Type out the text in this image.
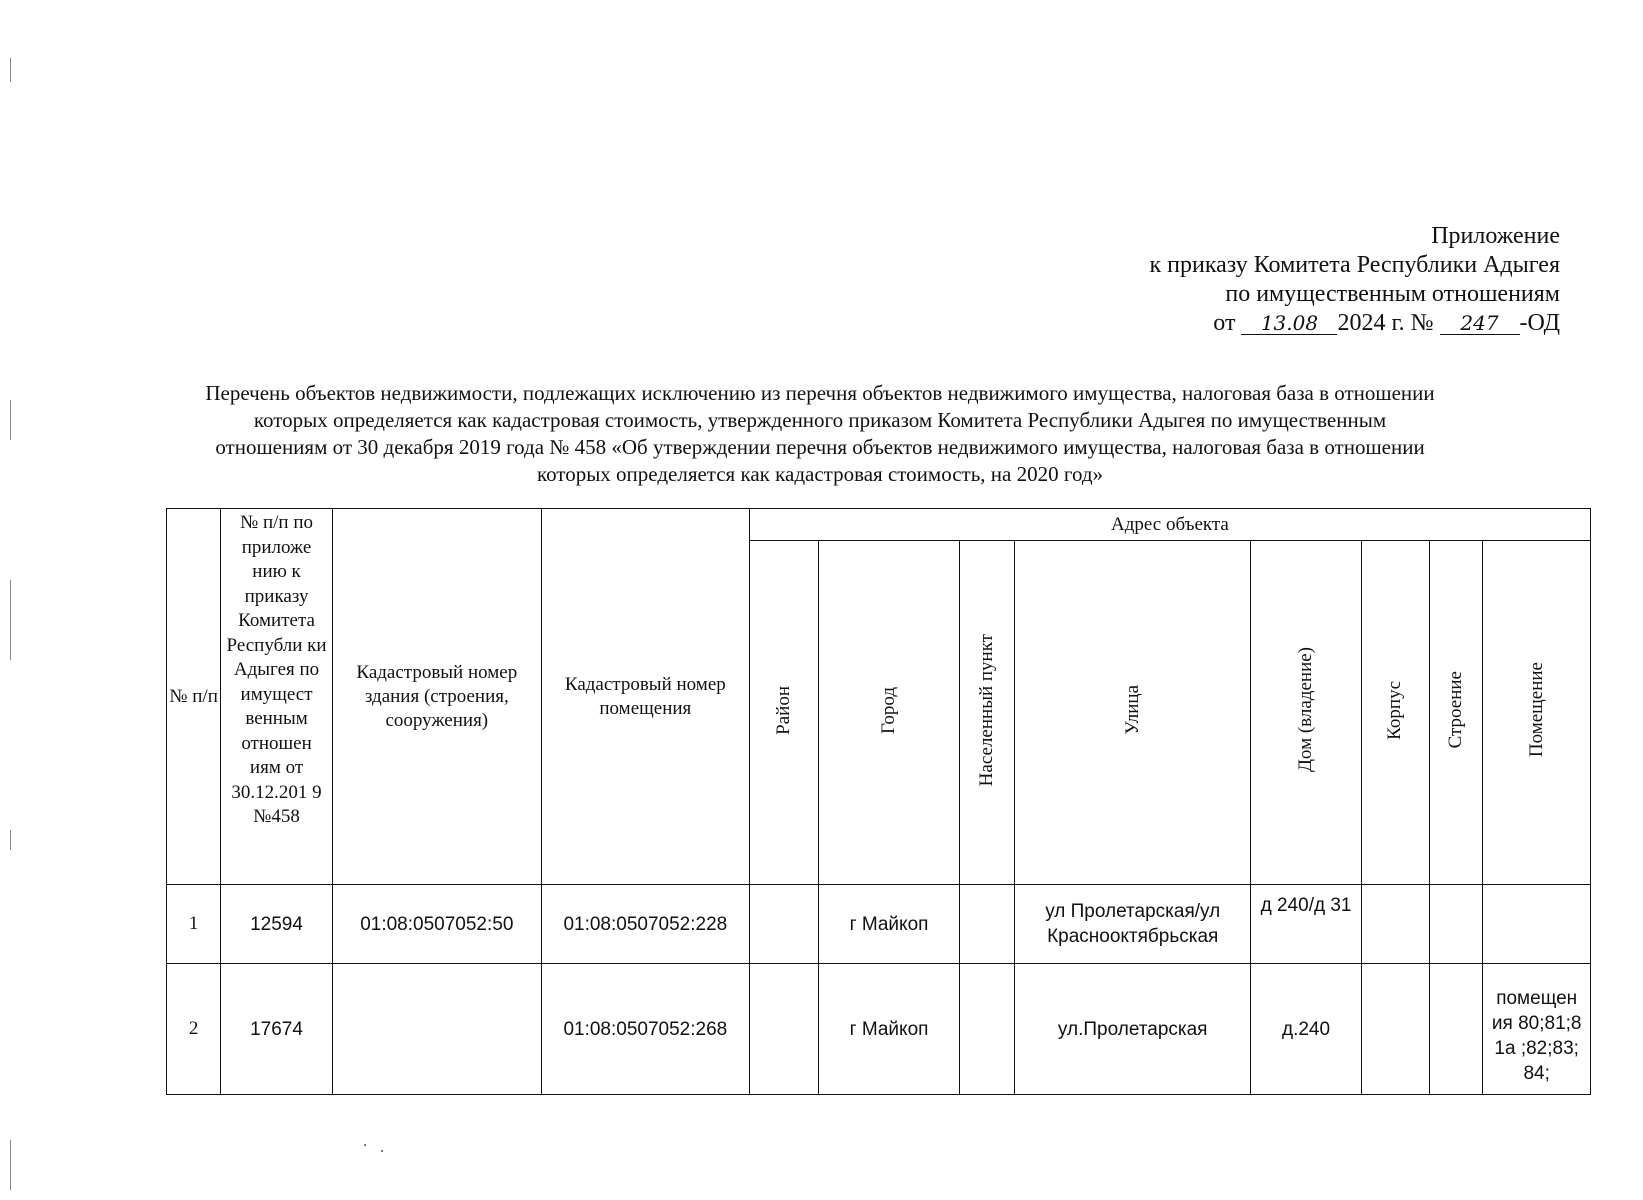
Приложение
к приказу Комитета Республики Адыгея
по имущественным отношениям
от 13.08 2024 г. № 247 -ОД
Перечень объектов недвижимости, подлежащих исключению из перечня объектов недвижимого имущества, налоговая база в отношении которых определяется как кадастровая стоимость, утвержденного приказом Комитета Республики Адыгея по имущественным отношениям от 30 декабря 2019 года № 458 «Об утверждении перечня объектов недвижимого имущества, налоговая база в отношении которых определяется как кадастровая стоимость, на 2020 год»
№ п/п	№ п/п по приложе нию к приказу Комитета Республи ки Адыгея по имущест венным отношен иям от 30.12.201 9 №458	Кадастровый номер здания (строения, сооружения)	Кадастровый номер помещения	Адрес объекта							
				Район	Город	Населенный пункт	Улица	Дом (владение)	Корпус	Строение	Помещение
1	12594	01:08:0507052:50	01:08:0507052:228		г Майкоп		ул Пролетарская/ул Краснооктябрьская	д 240/д 31			

2	17674		01:08:0507052:268		г Майкоп		ул.Пролетарская	д.240			помещен ия 80;81;81а ;82;83;84;
